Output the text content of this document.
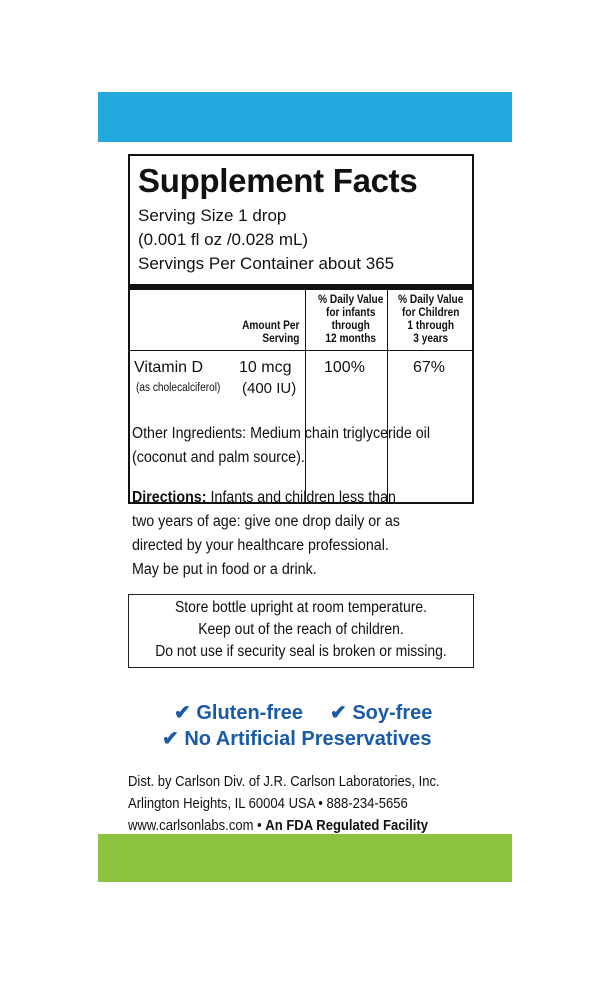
Supplement Facts
Serving Size 1 drop
(0.001 fl oz /0.028 mL)
Servings Per Container about 365
Amount Per
Serving
% Daily Value
for infants
through
12 months
% Daily Value
for Children
1 through
3 years
Vitamin D 10 mcg
(as cholecalciferol) (400 IU)
100%	67%
Other Ingredients: Medium chain triglyceride oil
(coconut and palm source).
Directions: Infants and children less than
two years of age: give one drop daily or as
directed by your healthcare professional.
May be put in food or a drink.
Store bottle upright at room temperature.
Keep out of the reach of children.
Do not use if security seal is broken or missing.
✔ Gluten-free ✔ Soy-free
✔ No Artificial Preservatives
Dist. by Carlson Div. of J.R. Carlson Laboratories, Inc.
Arlington Heights, IL 60004 USA • 888-234-5656
www.carlsonlabs.com • An FDA Regulated Facility
